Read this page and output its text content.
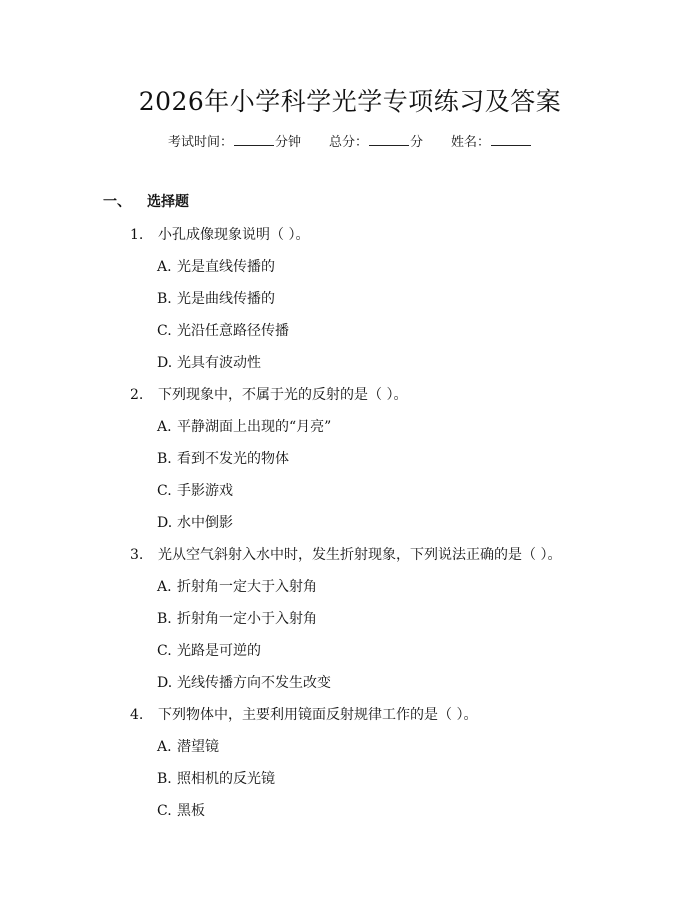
2026年小学科学光学专项练习及答案
考试时间：	分钟 总分：	分 姓名：
一、 选择题
1. 小孔成像现象说明（ ）。
A. 光是直线传播的
B. 光是曲线传播的
C. 光沿任意路径传播
D. 光具有波动性
2. 下列现象中，不属于光的反射的是（ ）。
A. 平静湖面上出现的“月亮”
B. 看到不发光的物体
C. 手影游戏
D. 水中倒影
3. 光从空气斜射入水中时，发生折射现象，下列说法正确的是（ ）。
A. 折射角一定大于入射角
B. 折射角一定小于入射角
C. 光路是可逆的
D. 光线传播方向不发生改变
4. 下列物体中，主要利用镜面反射规律工作的是（ ）。
A. 潜望镜
B. 照相机的反光镜
C. 黑板
